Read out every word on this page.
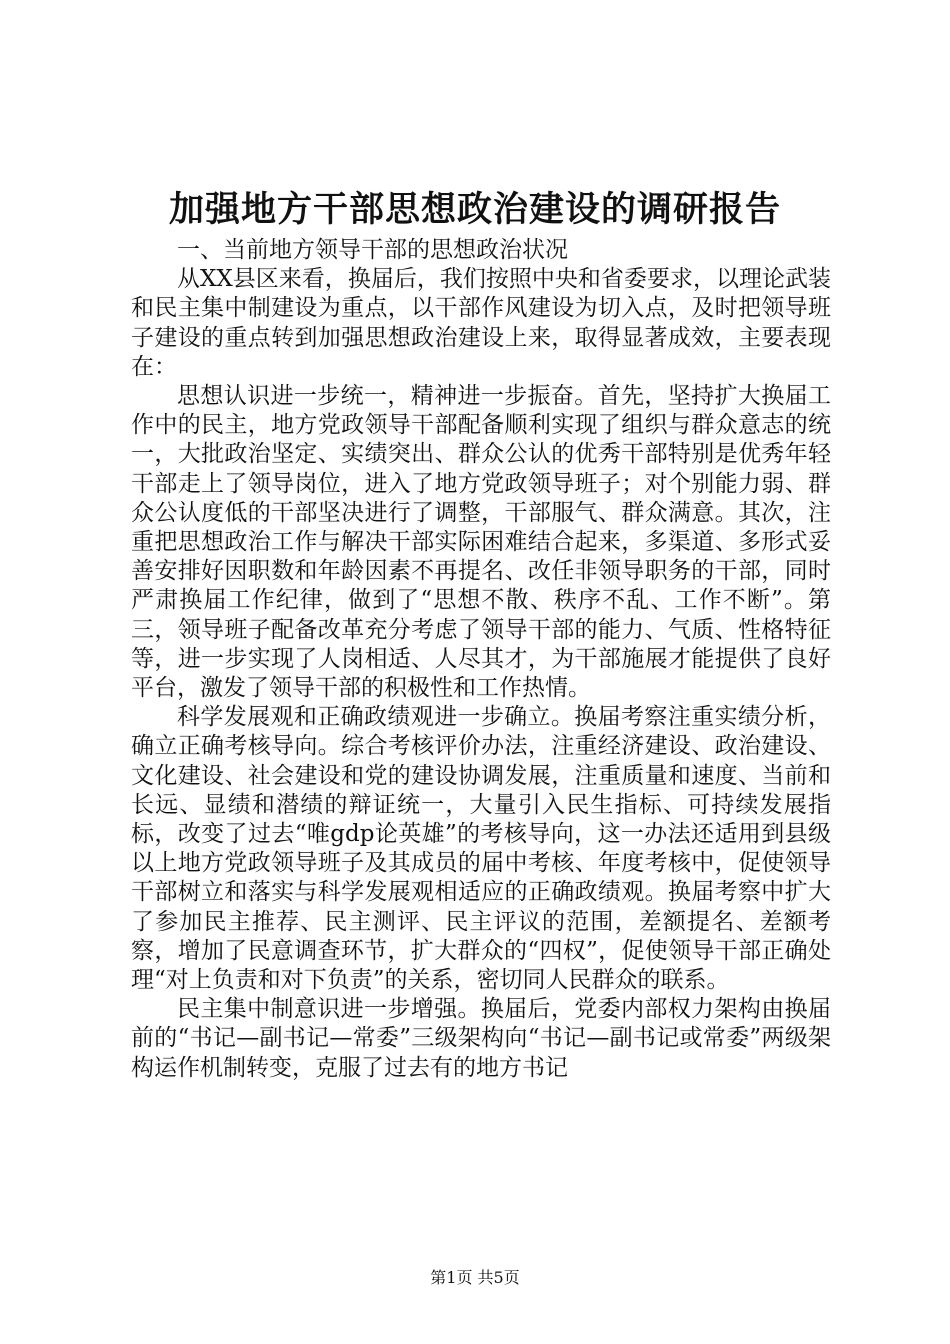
加强地方干部思想政治建设的调研报告

一、当前地方领导干部的思想政治状况

从XX县区来看，换届后，我们按照中央和省委要求，以理论武装和民主集中制建设为重点，以干部作风建设为切入点，及时把领导班子建设的重点转到加强思想政治建设上来，取得显著成效，主要表现在：

思想认识进一步统一，精神进一步振奋。首先，坚持扩大换届工作中的民主，地方党政领导干部配备顺利实现了组织与群众意志的统一，大批政治坚定、实绩突出、群众公认的优秀干部特别是优秀年轻干部走上了领导岗位，进入了地方党政领导班子；对个别能力弱、群众公认度低的干部坚决进行了调整，干部服气、群众满意。其次，注重把思想政治工作与解决干部实际困难结合起来，多渠道、多形式妥善安排好因职数和年龄因素不再提名、改任非领导职务的干部，同时严肃换届工作纪律，做到了“思想不散、秩序不乱、工作不断”。第三，领导班子配备改革充分考虑了领导干部的能力、气质、性格特征等，进一步实现了人岗相适、人尽其才，为干部施展才能提供了良好平台，激发了领导干部的积极性和工作热情。

科学发展观和正确政绩观进一步确立。换届考察注重实绩分析，确立正确考核导向。综合考核评价办法，注重经济建设、政治建设、文化建设、社会建设和党的建设协调发展，注重质量和速度、当前和长远、显绩和潜绩的辩证统一，大量引入民生指标、可持续发展指标，改变了过去“唯gdp论英雄”的考核导向，这一办法还适用到县级以上地方党政领导班子及其成员的届中考核、年度考核中，促使领导干部树立和落实与科学发展观相适应的正确政绩观。换届考察中扩大了参加民主推荐、民主测评、民主评议的范围，差额提名、差额考察，增加了民意调查环节，扩大群众的“四权”，促使领导干部正确处理“对上负责和对下负责”的关系，密切同人民群众的联系。

民主集中制意识进一步增强。换届后，党委内部权力架构由换届前的“书记—副书记—常委”三级架构向“书记—副书记或常委”两级架构运作机制转变，克服了过去有的地方书记

第1页 共5页
